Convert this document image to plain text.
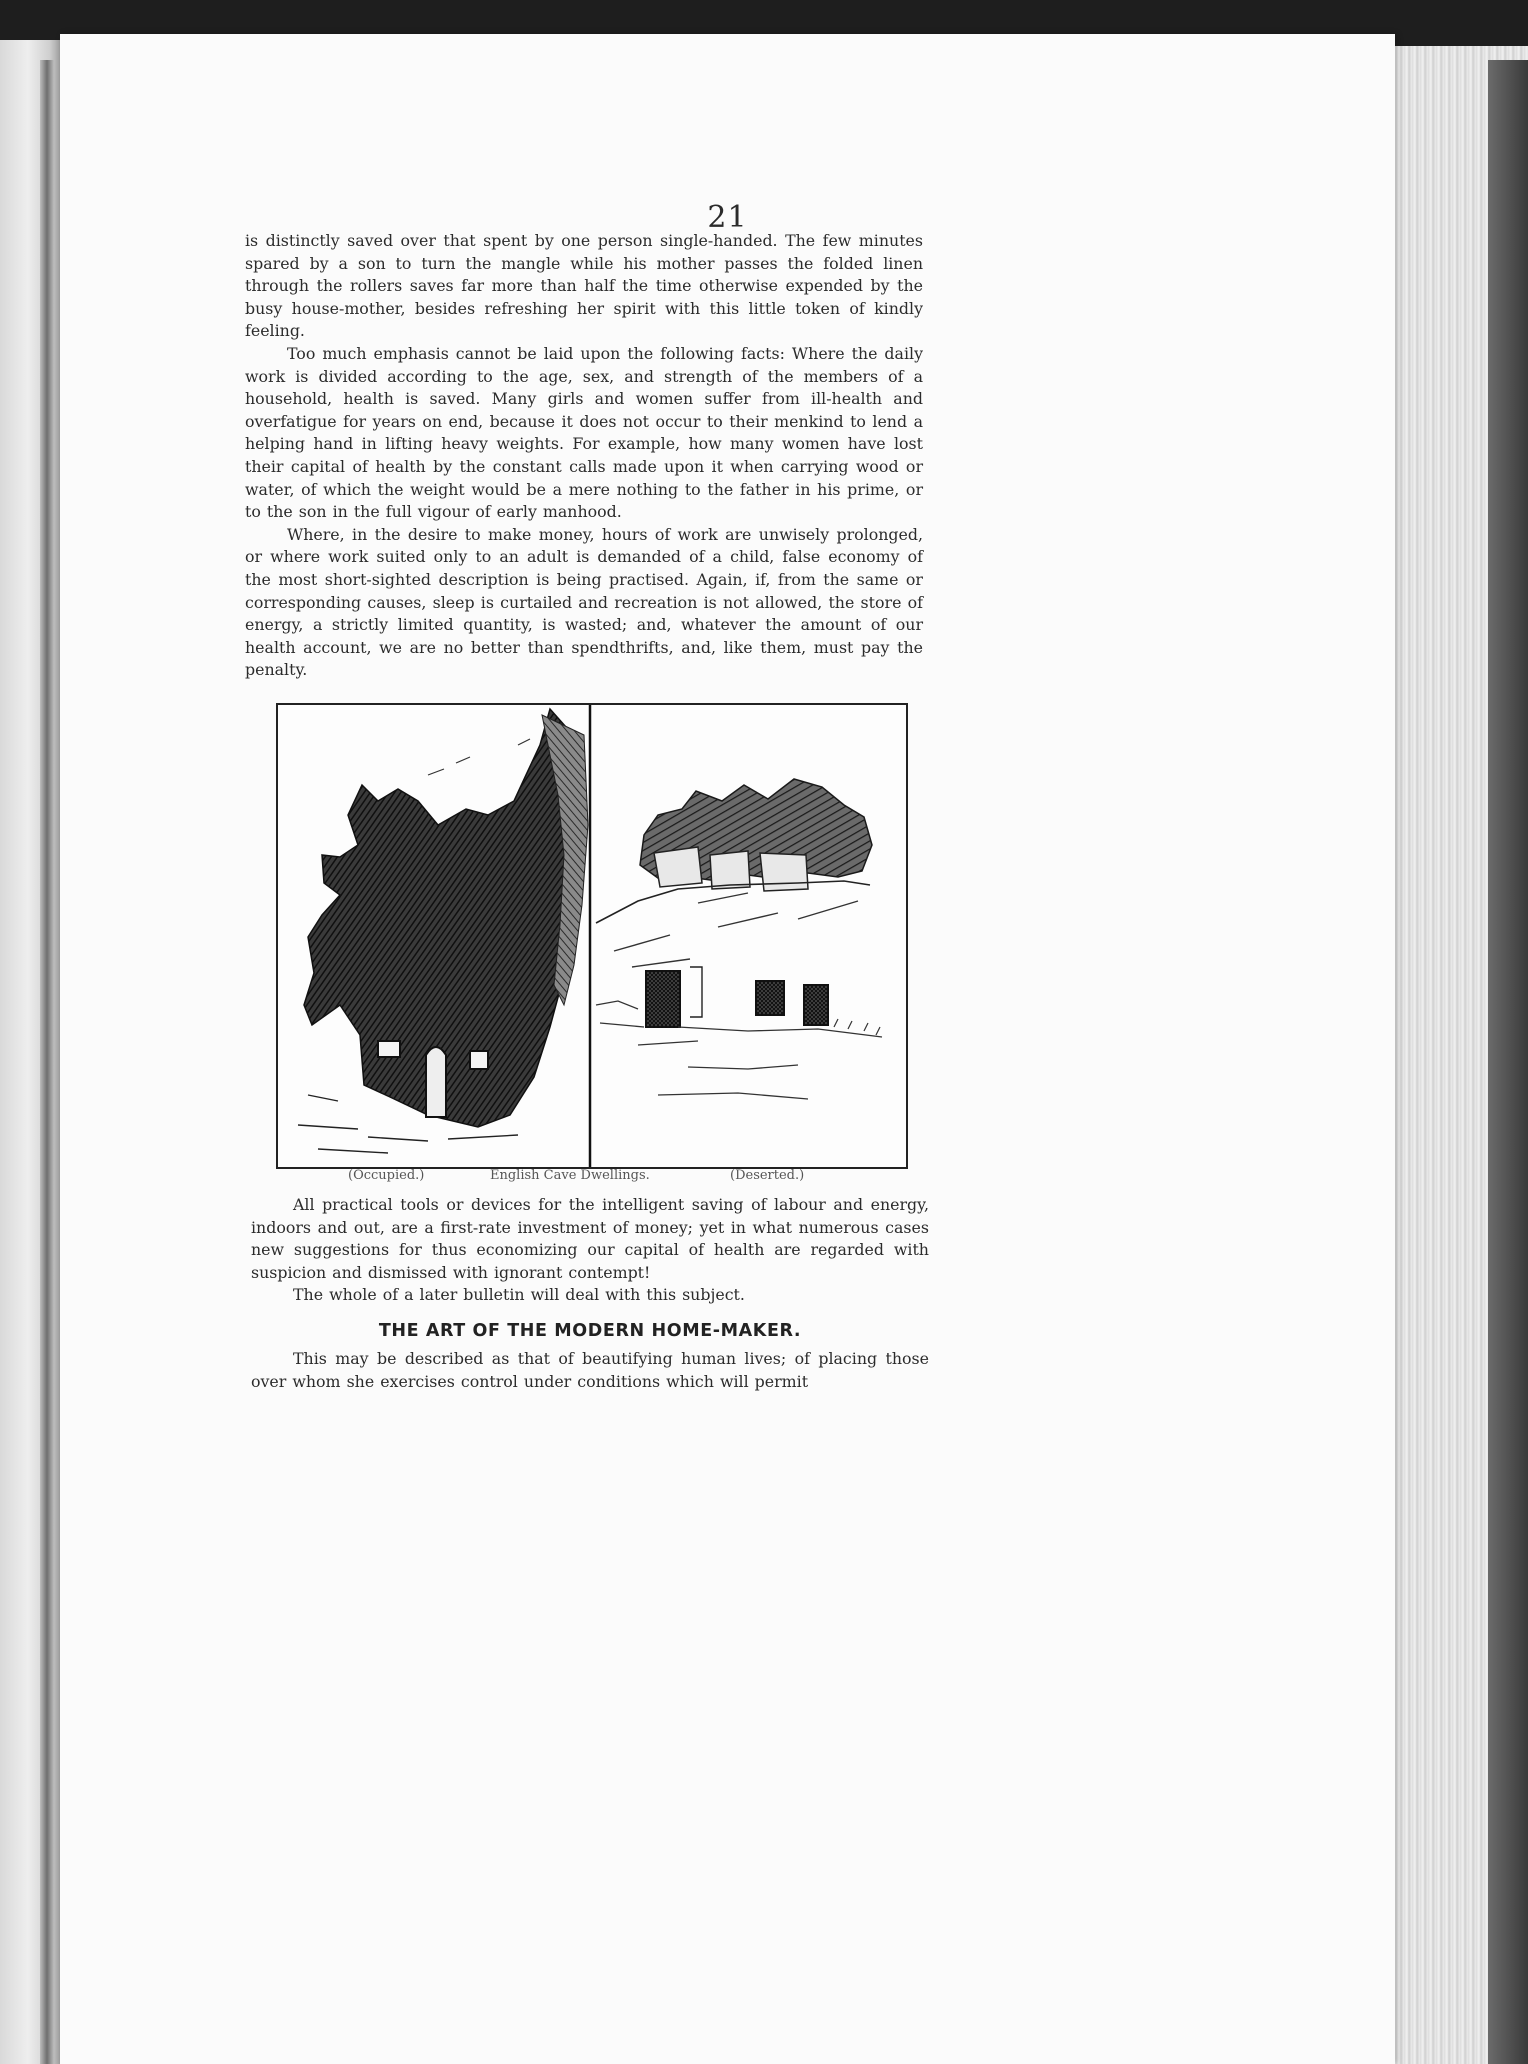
21

is distinctly saved over that spent by one person single-handed. The few minutes spared by a son to turn the mangle while his mother passes the folded linen through the rollers saves far more than half the time otherwise expended by the busy house-mother, besides refreshing her spirit with this little token of kindly feeling.

Too much emphasis cannot be laid upon the following facts: Where the daily work is divided according to the age, sex, and strength of the members of a household, health is saved. Many girls and women suffer from ill-health and overfatigue for years on end, because it does not occur to their menkind to lend a helping hand in lifting heavy weights. For example, how many women have lost their capital of health by the constant calls made upon it when carrying wood or water, of which the weight would be a mere nothing to the father in his prime, or to the son in the full vigour of early manhood.

Where, in the desire to make money, hours of work are unwisely prolonged, or where work suited only to an adult is demanded of a child, false economy of the most short-sighted description is being practised. Again, if, from the same or corresponding causes, sleep is curtailed and recreation is not allowed, the store of energy, a strictly limited quantity, is wasted; and, whatever the amount of our health account, we are no better than spendthrifts, and, like them, must pay the penalty.

(Occupied.)	English Cave Dwellings.	(Deserted.)

All practical tools or devices for the intelligent saving of labour and energy, indoors and out, are a first-rate investment of money; yet in what numerous cases new suggestions for thus economizing our capital of health are regarded with suspicion and dismissed with ignorant contempt!

The whole of a later bulletin will deal with this subject.

THE ART OF THE MODERN HOME-MAKER.

This may be described as that of beautifying human lives; of placing those over whom she exercises control under conditions which will permit
